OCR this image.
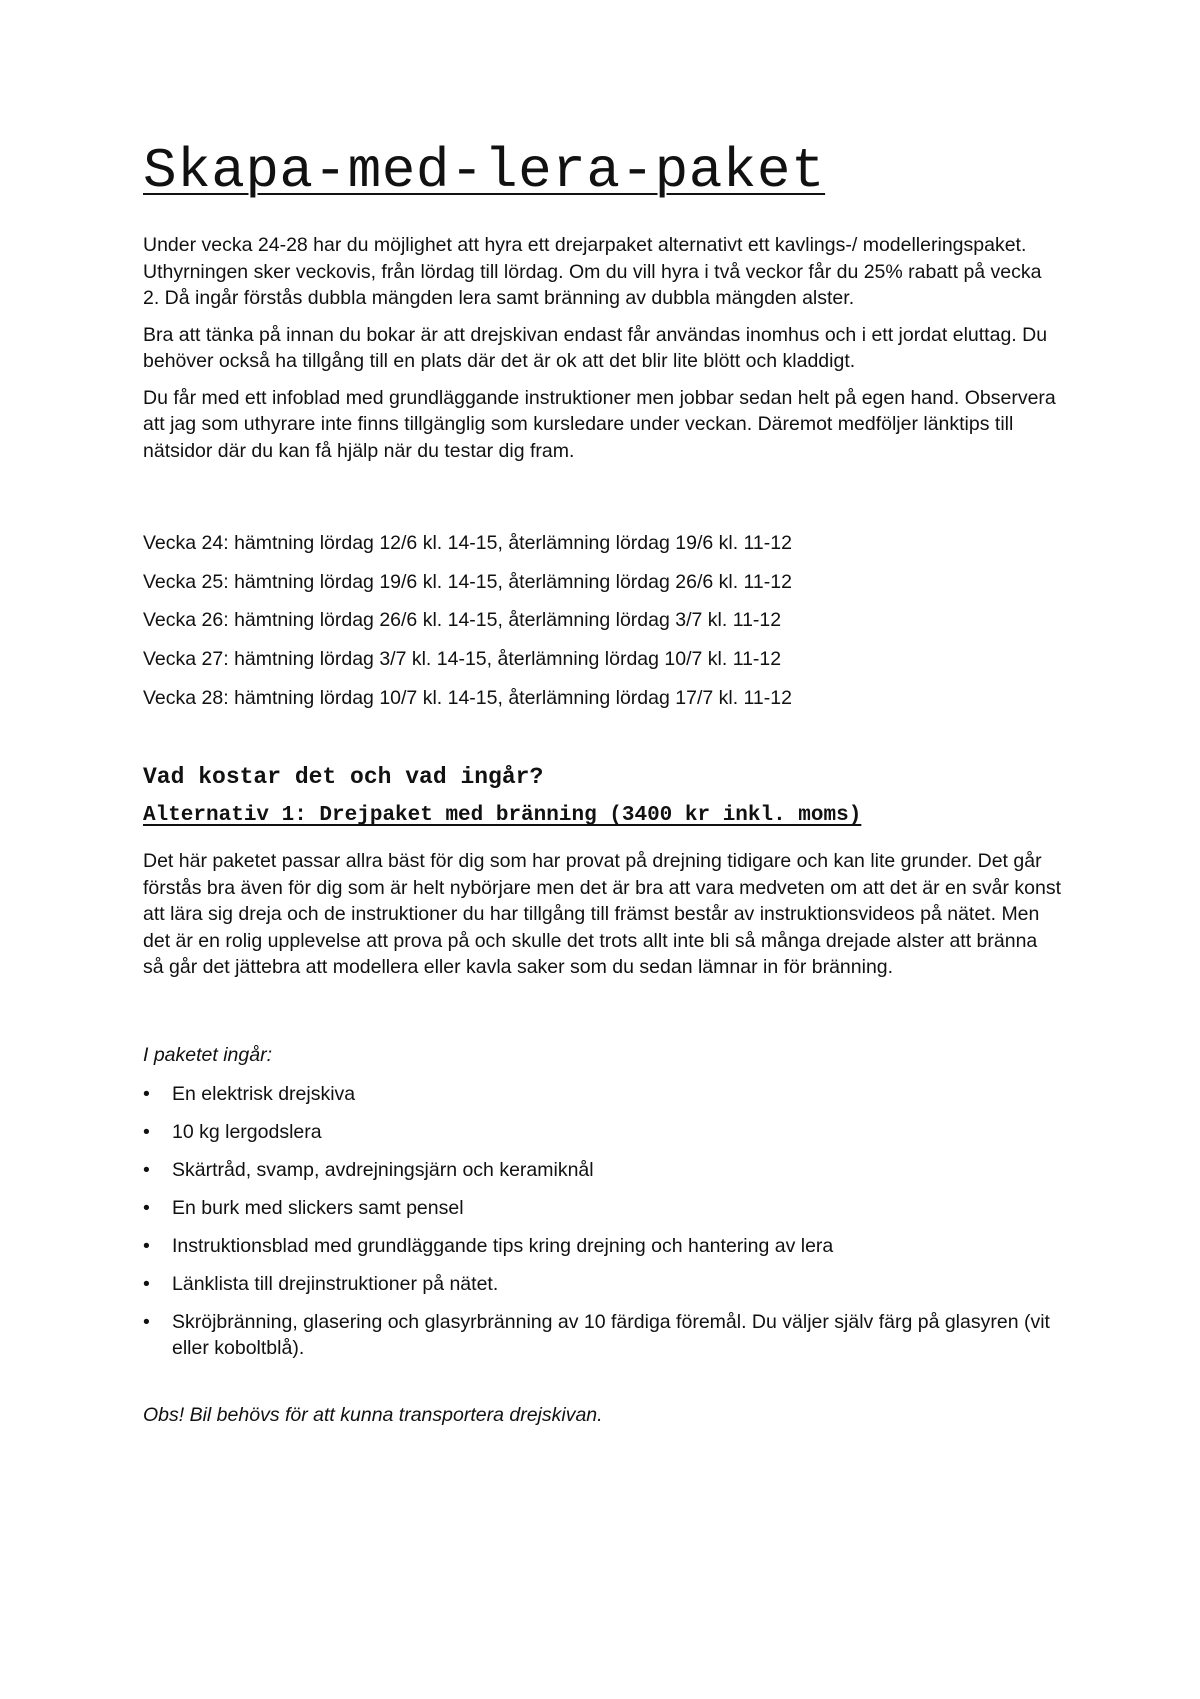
Skapa-med-lera-paket

Under vecka 24-28 har du möjlighet att hyra ett drejarpaket alternativt ett kavlings-/ modelleringspaket. Uthyrningen sker veckovis, från lördag till lördag. Om du vill hyra i två veckor får du 25% rabatt på vecka 2. Då ingår förstås dubbla mängden lera samt bränning av dubbla mängden alster.

Bra att tänka på innan du bokar är att drejskivan endast får användas inomhus och i ett jordat eluttag. Du behöver också ha tillgång till en plats där det är ok att det blir lite blött och kladdigt.

Du får med ett infoblad med grundläggande instruktioner men jobbar sedan helt på egen hand. Observera att jag som uthyrare inte finns tillgänglig som kursledare under veckan. Däremot medföljer länktips till nätsidor där du kan få hjälp när du testar dig fram.

Vecka 24: hämtning lördag 12/6 kl. 14-15, återlämning lördag 19/6 kl. 11-12
Vecka 25: hämtning lördag 19/6 kl. 14-15, återlämning lördag 26/6 kl. 11-12
Vecka 26: hämtning lördag 26/6 kl. 14-15, återlämning lördag 3/7 kl. 11-12
Vecka 27: hämtning lördag 3/7 kl. 14-15, återlämning lördag 10/7 kl. 11-12
Vecka 28: hämtning lördag 10/7 kl. 14-15, återlämning lördag 17/7 kl. 11-12
Vad kostar det och vad ingår?
Alternativ 1: Drejpaket med bränning (3400 kr inkl. moms)

Det här paketet passar allra bäst för dig som har provat på drejning tidigare och kan lite grunder. Det går förstås bra även för dig som är helt nybörjare men det är bra att vara medveten om att det är en svår konst att lära sig dreja och de instruktioner du har tillgång till främst består av instruktionsvideos på nätet. Men det är en rolig upplevelse att prova på och skulle det trots allt inte bli så många drejade alster att bränna så går det jättebra att modellera eller kavla saker som du sedan lämnar in för bränning.

I paketet ingår:

• En elektrisk drejskiva
• 10 kg lergodslera
• Skärtråd, svamp, avdrejningsjärn och keramiknål
• En burk med slickers samt pensel
• Instruktionsblad med grundläggande tips kring drejning och hantering av lera
• Länklista till drejinstruktioner på nätet.
• Skröjbränning, glasering och glasyrbränning av 10 färdiga föremål. Du väljer själv färg på glasyren (vit eller koboltblå).

Obs! Bil behövs för att kunna transportera drejskivan.
